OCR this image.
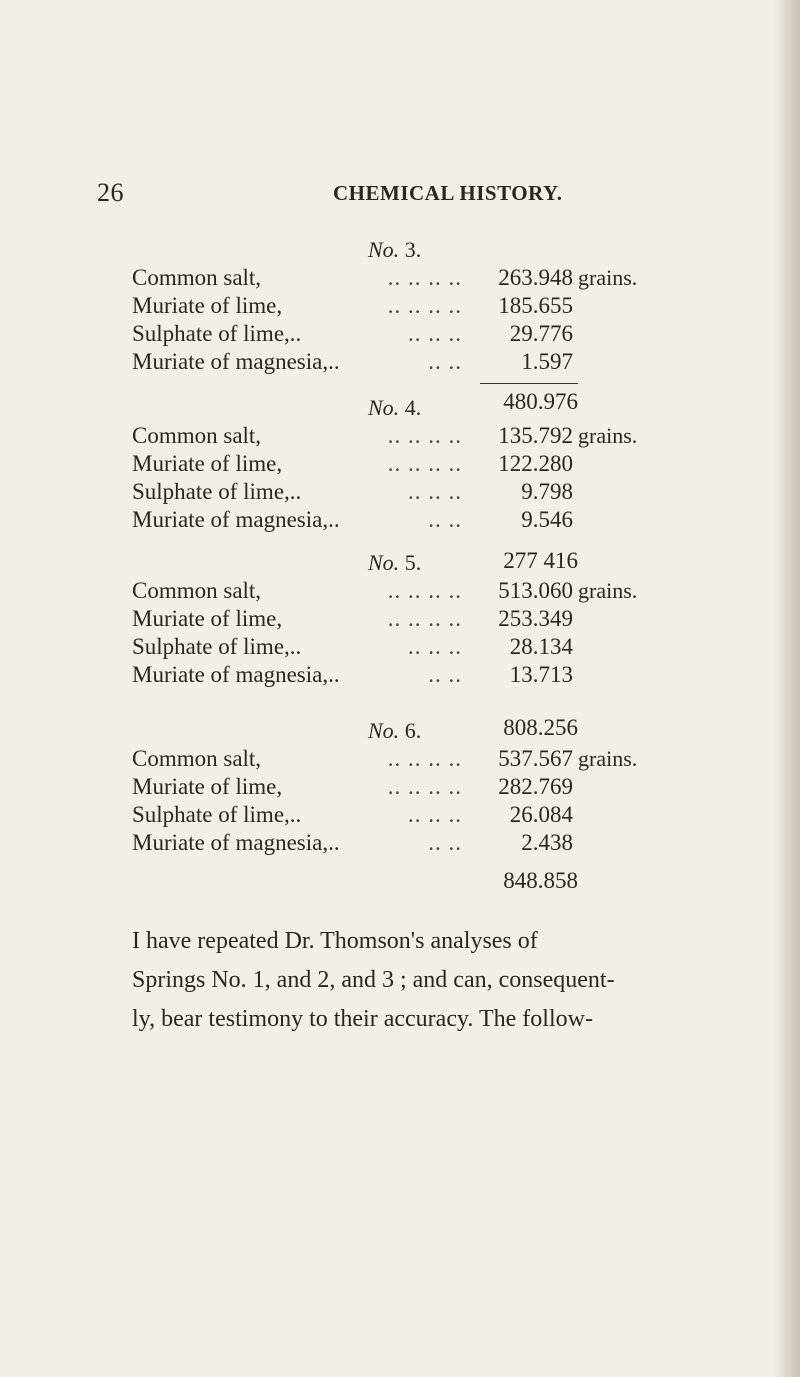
26	CHEMICAL HISTORY.
No. 3.
Common salt,	.. .. .. ..	263.948 grains.
Muriate of lime,	.. .. .. ..	185.655
Sulphate of lime,..	.. .. ..	29.776
Muriate of magnesia,..	.. ..	1.597
480.976
No. 4.
Common salt,	.. .. .. ..	135.792 grains.
Muriate of lime,	.. .. .. ..	122.280
Sulphate of lime,..	.. .. ..	9.798
Muriate of magnesia,..	.. ..	9.546
277 416
No. 5.
Common salt,	.. .. .. ..	513.060 grains.
Muriate of lime,	.. .. .. ..	253.349
Sulphate of lime,..	.. .. ..	28.134
Muriate of magnesia,..	.. ..	13.713
808.256
No. 6.
Common salt,	.. .. .. ..	537.567 grains.
Muriate of lime,	.. .. .. ..	282.769
Sulphate of lime,..	.. .. ..	26.084
Muriate of magnesia,..	.. ..	2.438
848.858
I have repeated Dr. Thomson's analyses of
Springs No. 1, and 2, and 3 ; and can, consequent-
ly, bear testimony to their accuracy. The follow-
